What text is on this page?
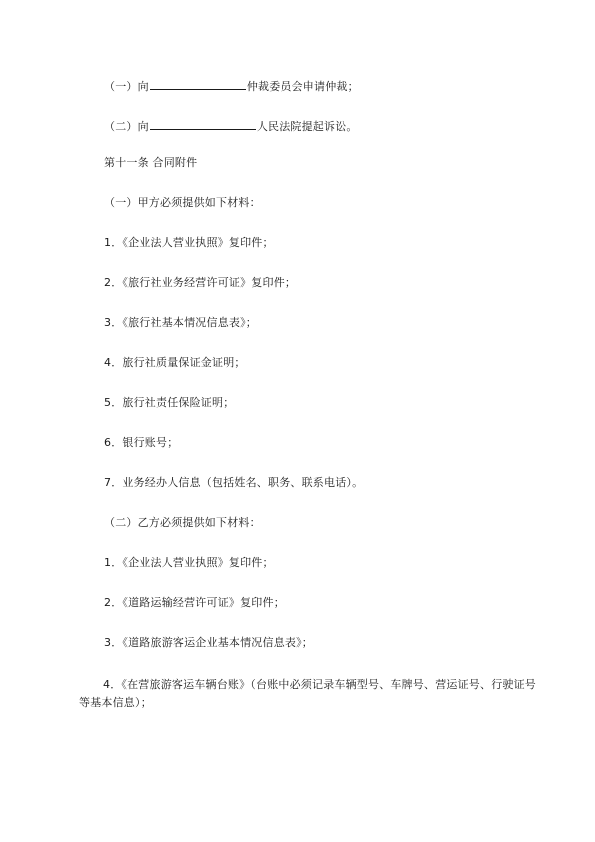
（一）向	仲裁委员会申请仲裁；
（二）向	人民法院提起诉讼。
第十一条 合同附件
（一）甲方必须提供如下材料：
1．《企业法人营业执照》复印件；
2．《旅行社业务经营许可证》复印件；
3．《旅行社基本情况信息表》；
4．旅行社质量保证金证明；
5．旅行社责任保险证明；
6．银行账号；
7．业务经办人信息（包括姓名、职务、联系电话）。
（二）乙方必须提供如下材料：
1．《企业法人营业执照》复印件；
2．《道路运输经营许可证》复印件；
3．《道路旅游客运企业基本情况信息表》；
4．《在营旅游客运车辆台账》（台账中必须记录车辆型号、车牌号、营运证号、行驶证号等基本信息）；
